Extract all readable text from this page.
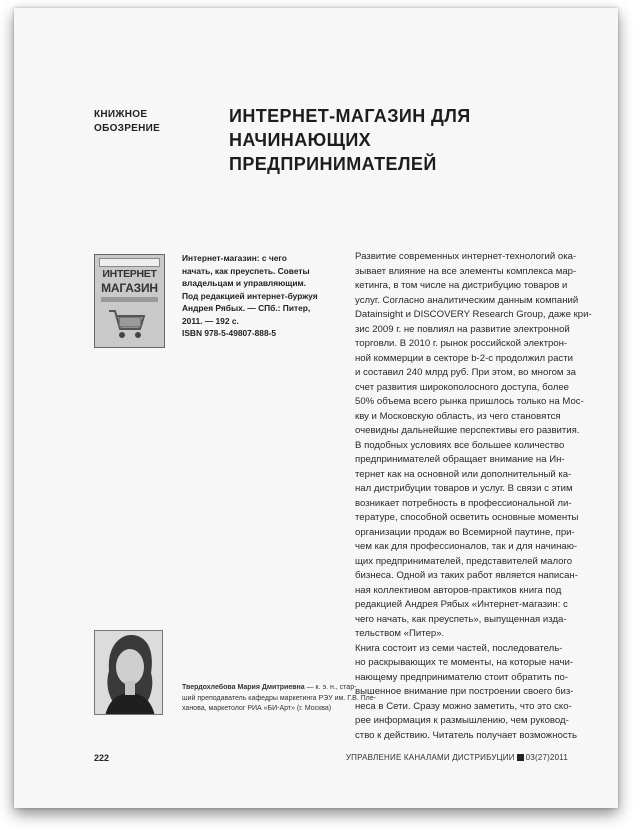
КНИЖНОЕ
ОБОЗРЕНИЕ
ИНТЕРНЕТ-МАГАЗИН ДЛЯ НАЧИНАЮЩИХ
ПРЕДПРИНИМАТЕЛЕЙ
ИНТЕРНЕТ
МАГАЗИН
Интернет-магазин: с чего
начать, как преуспеть. Советы
владельцам и управляющим.
Под редакцией интернет-буржуя
Андрея Рябых. — СПб.: Питер,
2011. — 192 с.
ISBN 978-5-49807-888-5
Развитие современных интернет-технологий ока-
зывает влияние на все элементы комплекса мар-
кетинга, в том числе на дистрибуцию товаров и
услуг. Согласно аналитическим данным компаний
Datainsight и DISCOVERY Research Group, даже кри-
зис 2009 г. не повлиял на развитие электронной
торговли. В 2010 г. рынок российской электрон-
ной коммерции в секторе b-2-c продолжил расти
и составил 240 млрд руб. При этом, во многом за
счет развития широкополосного доступа, более
50% объема всего рынка пришлось только на Мос-
кву и Московскую область, из чего становятся
очевидны дальнейшие перспективы его развития.
В подобных условиях все большее количество
предпринимателей обращает внимание на Ин-
тернет как на основной или дополнительный ка-
нал дистрибуции товаров и услуг. В связи с этим
возникает потребность в профессиональной ли-
тературе, способной осветить основные моменты
организации продаж во Всемирной паутине, при-
чем как для профессионалов, так и для начинаю-
щих предпринимателей, представителей малого
бизнеса. Одной из таких работ является написан-
ная коллективом авторов-практиков книга под
редакцией Андрея Рябых «Интернет-магазин: с
чего начать, как преуспеть», выпущенная изда-
тельством «Питер».
Книга состоит из семи частей, последователь-
но раскрывающих те моменты, на которые начи-
нающему предпринимателю стоит обратить по-
вышенное внимание при построении своего биз-
неса в Сети. Сразу можно заметить, что это ско-
рее информация к размышлению, чем руковод-
ство к действию. Читатель получает возможность
Твердохлебова Мария Дмитриевна — к. э. н., стар-
ший преподаватель кафедры маркетинга РЭУ им. Г.В. Пле-
ханова, маркетолог РИА «БИ-Арт» (г. Москва)
222	УПРАВЛЕНИЕ КАНАЛАМИ ДИСТРИБУЦИИ 03(27)2011
